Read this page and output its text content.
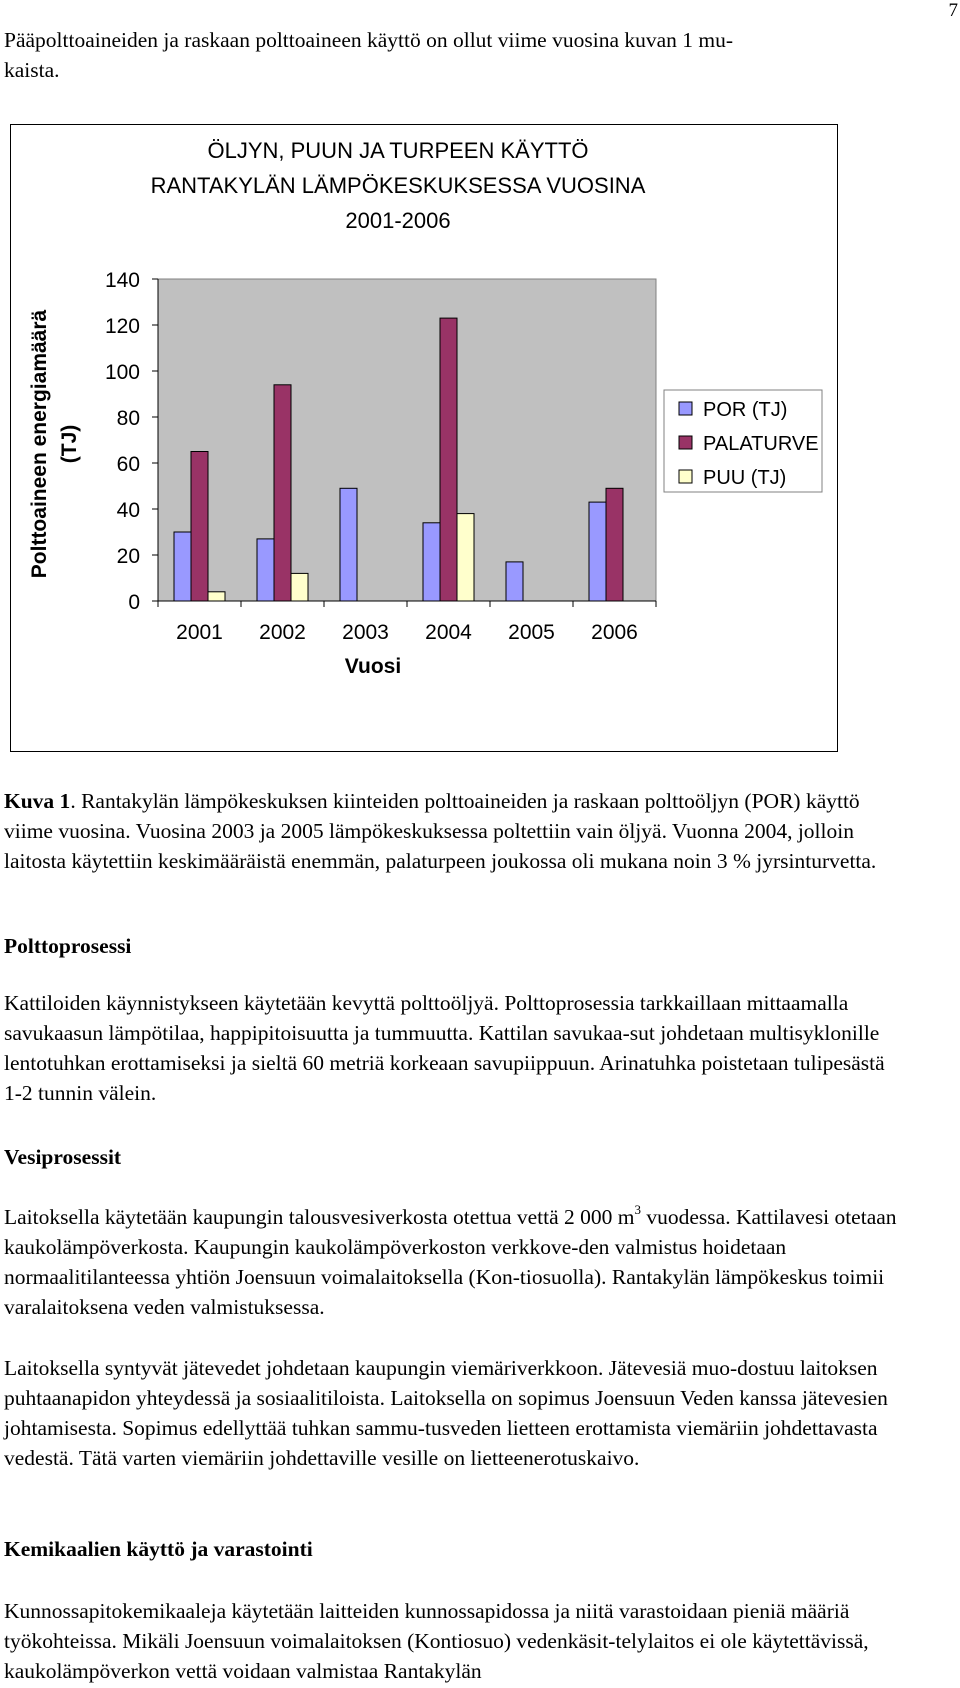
7

Pääpolttoaineiden ja raskaan polttoaineen käyttö on ollut viime vuosina kuvan 1 mu-
kaista.

ÖLJYN, PUUN JA TURPEEN KÄYTTÖ
RANTAKYLÄN LÄMPÖKESKUKSESSA VUOSINA
2001-2006
Polttoaineen energiamäärä (TJ)
0
20
40
60
80
100
120
140
2001 2002 2003 2004 2005 2006
Vuosi
POR (TJ)
PALATURVE
PUU (TJ)

Kuva 1. Rantakylän lämpökeskuksen kiinteiden polttoaineiden ja raskaan polttoöljyn (POR) käyttö viime vuosina. Vuosina 2003 ja 2005 lämpökeskuksessa poltettiin vain öljyä. Vuonna 2004, jolloin laitosta käytettiin keskimääräistä enemmän, palaturpeen joukossa oli mukana noin 3 % jyrsinturvetta.

Polttoprosessi

Kattiloiden käynnistykseen käytetään kevyttä polttoöljyä. Polttoprosessia tarkkaillaan mittaamalla savukaasun lämpötilaa, happipitoisuutta ja tummuutta. Kattilan savukaa-sut johdetaan multisyklonille lentotuhkan erottamiseksi ja sieltä 60 metriä korkeaan savupiippuun. Arinatuhka poistetaan tulipesästä 1-2 tunnin välein.

Vesiprosessit

Laitoksella käytetään kaupungin talousvesiverkosta otettua vettä 2 000 $m^3$ vuodessa. Kattilavesi otetaan kaukolämpöverkosta. Kaupungin kaukolämpöverkoston verkkove-den valmistus hoidetaan normaalitilanteessa yhtiön Joensuun voimalaitoksella (Kon-tiosuolla). Rantakylän lämpökeskus toimii varalaitoksena veden valmistuksessa.

Laitoksella syntyvät jätevedet johdetaan kaupungin viemäriverkkoon. Jätevesiä muo-dostuu laitoksen puhtaanapidon yhteydessä ja sosiaalitiloista. Laitoksella on sopimus Joensuun Veden kanssa jätevesien johtamisesta. Sopimus edellyttää tuhkan sammu-tusveden lietteen erottamista viemäriin johdettavasta vedestä. Tätä varten viemäriin johdettaville vesille on lietteenerotuskaivo.

Kemikaalien käyttö ja varastointi

Kunnossapitokemikaaleja käytetään laitteiden kunnossapidossa ja niitä varastoidaan pieniä määriä työkohteissa. Mikäli Joensuun voimalaitoksen (Kontiosuo) vedenkäsit-telylaitos ei ole käytettävissä, kaukolämpöverkon vettä voidaan valmistaa Rantakylän
